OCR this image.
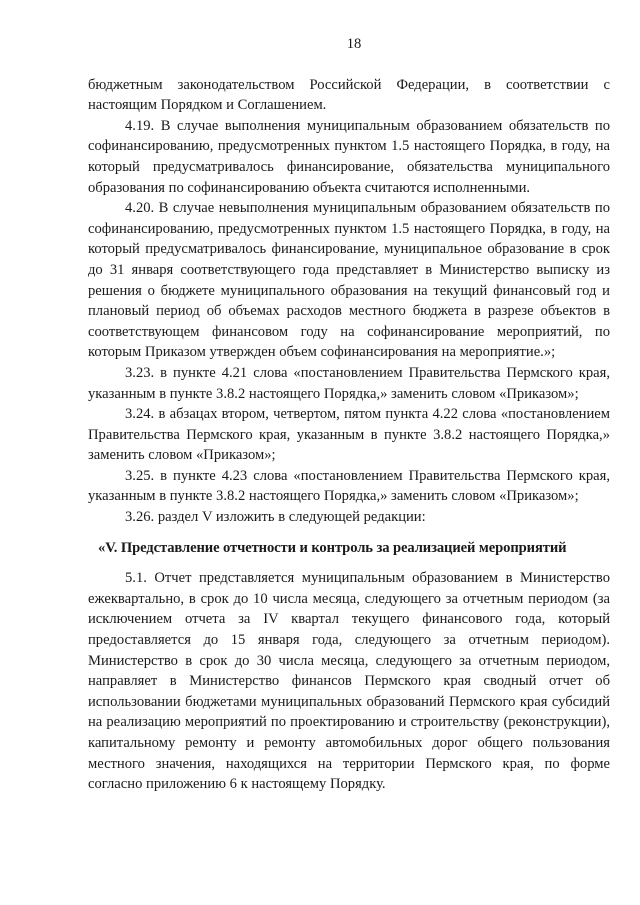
18

бюджетным законодательством Российской Федерации, в соответствии с настоящим Порядком и Соглашением.

4.19. В случае выполнения муниципальным образованием обязательств по софинансированию, предусмотренных пунктом 1.5 настоящего Порядка, в году, на который предусматривалось финансирование, обязательства муниципального образования по софинансированию объекта считаются исполненными.

4.20. В случае невыполнения муниципальным образованием обязательств по софинансированию, предусмотренных пунктом 1.5 настоящего Порядка, в году, на который предусматривалось финансирование, муниципальное образование в срок до 31 января соответствующего года представляет в Министерство выписку из решения о бюджете муниципального образования на текущий финансовый год и плановый период об объемах расходов местного бюджета в разрезе объектов в соответствующем финансовом году на софинансирование мероприятий, по которым Приказом утвержден объем софинансирования на мероприятие.»;

3.23. в пункте 4.21 слова «постановлением Правительства Пермского края, указанным в пункте 3.8.2 настоящего Порядка,» заменить словом «Приказом»;

3.24. в абзацах втором, четвертом, пятом пункта 4.22 слова «постановлением Правительства Пермского края, указанным в пункте 3.8.2 настоящего Порядка,» заменить словом «Приказом»;

3.25. в пункте 4.23 слова «постановлением Правительства Пермского края, указанным в пункте 3.8.2 настоящего Порядка,» заменить словом «Приказом»;

3.26. раздел V изложить в следующей редакции:

«V. Представление отчетности и контроль за реализацией мероприятий

5.1. Отчет представляется муниципальным образованием в Министерство ежеквартально, в срок до 10 числа месяца, следующего за отчетным периодом (за исключением отчета за IV квартал текущего финансового года, который предоставляется до 15 января года, следующего за отчетным периодом). Министерство в срок до 30 числа месяца, следующего за отчетным периодом, направляет в Министерство финансов Пермского края сводный отчет об использовании бюджетами муниципальных образований Пермского края субсидий на реализацию мероприятий по проектированию и строительству (реконструкции), капитальному ремонту и ремонту автомобильных дорог общего пользования местного значения, находящихся на территории Пермского края, по форме согласно приложению 6 к настоящему Порядку.
